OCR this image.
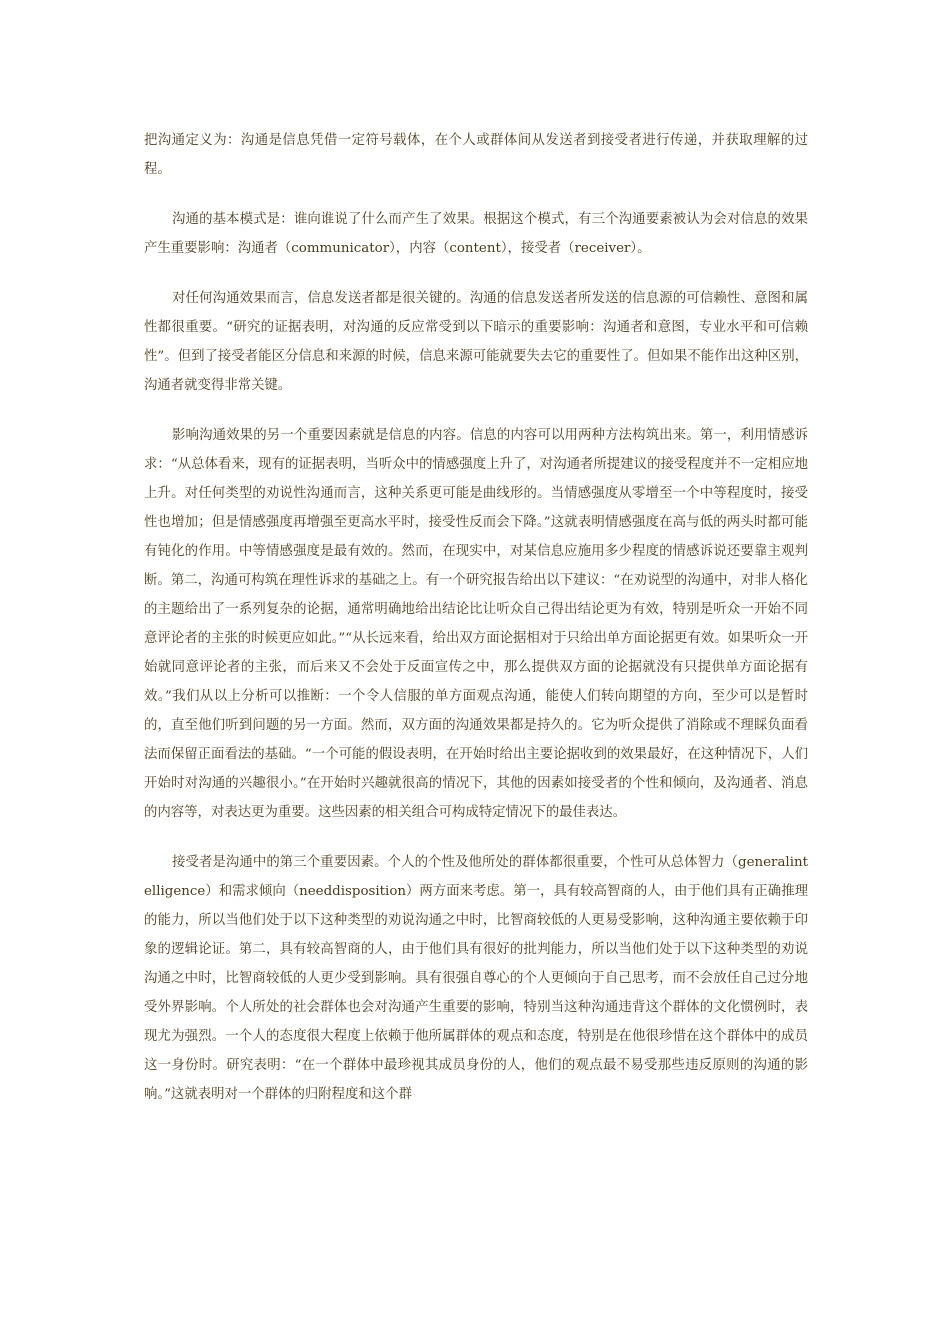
把沟通定义为：沟通是信息凭借一定符号载体，在个人或群体间从发送者到接受者进行传递，并获取理解的过程。

沟通的基本模式是：谁向谁说了什么而产生了效果。根据这个模式，有三个沟通要素被认为会对信息的效果产生重要影响：沟通者（communicator），内容（content），接受者（receiver）。

对任何沟通效果而言，信息发送者都是很关键的。沟通的信息发送者所发送的信息源的可信赖性、意图和属性都很重要。“研究的证据表明，对沟通的反应常受到以下暗示的重要影响：沟通者和意图，专业水平和可信赖性”。但到了接受者能区分信息和来源的时候，信息来源可能就要失去它的重要性了。但如果不能作出这种区别，沟通者就变得非常关键。

影响沟通效果的另一个重要因素就是信息的内容。信息的内容可以用两种方法构筑出来。第一，利用情感诉求：“从总体看来，现有的证据表明，当听众中的情感强度上升了，对沟通者所提建议的接受程度并不一定相应地上升。对任何类型的劝说性沟通而言，这种关系更可能是曲线形的。当情感强度从零增至一个中等程度时，接受性也增加；但是情感强度再增强至更高水平时，接受性反而会下降。”这就表明情感强度在高与低的两头时都可能有钝化的作用。中等情感强度是最有效的。然而，在现实中，对某信息应施用多少程度的情感诉说还要靠主观判断。第二，沟通可构筑在理性诉求的基础之上。有一个研究报告给出以下建议：“在劝说型的沟通中，对非人格化的主题给出了一系列复杂的论据，通常明确地给出结论比让听众自己得出结论更为有效，特别是听众一开始不同意评论者的主张的时候更应如此。”“从长远来看，给出双方面论据相对于只给出单方面论据更有效。如果听众一开始就同意评论者的主张，而后来又不会处于反面宣传之中，那么提供双方面的论据就没有只提供单方面论据有效。”我们从以上分析可以推断：一个令人信服的单方面观点沟通，能使人们转向期望的方向，至少可以是暂时的，直至他们听到问题的另一方面。然而，双方面的沟通效果都是持久的。它为听众提供了消除或不理睬负面看法而保留正面看法的基础。“一个可能的假设表明，在开始时给出主要论据收到的效果最好，在这种情况下，人们开始时对沟通的兴趣很小。”在开始时兴趣就很高的情况下，其他的因素如接受者的个性和倾向，及沟通者、消息的内容等，对表达更为重要。这些因素的相关组合可构成特定情况下的最佳表达。

接受者是沟通中的第三个重要因素。个人的个性及他所处的群体都很重要，个性可从总体智力（generalintelligence）和需求倾向（needdisposition）两方面来考虑。第一，具有较高智商的人，由于他们具有正确推理的能力，所以当他们处于以下这种类型的劝说沟通之中时，比智商较低的人更易受影响，这种沟通主要依赖于印象的逻辑论证。第二，具有较高智商的人，由于他们具有很好的批判能力，所以当他们处于以下这种类型的劝说沟通之中时，比智商较低的人更少受到影响。具有很强自尊心的个人更倾向于自己思考，而不会放任自己过分地受外界影响。个人所处的社会群体也会对沟通产生重要的影响，特别当这种沟通违背这个群体的文化惯例时，表现尤为强烈。一个人的态度很大程度上依赖于他所属群体的观点和态度，特别是在他很珍惜在这个群体中的成员这一身份时。研究表明：“在一个群体中最珍视其成员身份的人，他们的观点最不易受那些违反原则的沟通的影响。”这就表明对一个群体的归附程度和这个群
